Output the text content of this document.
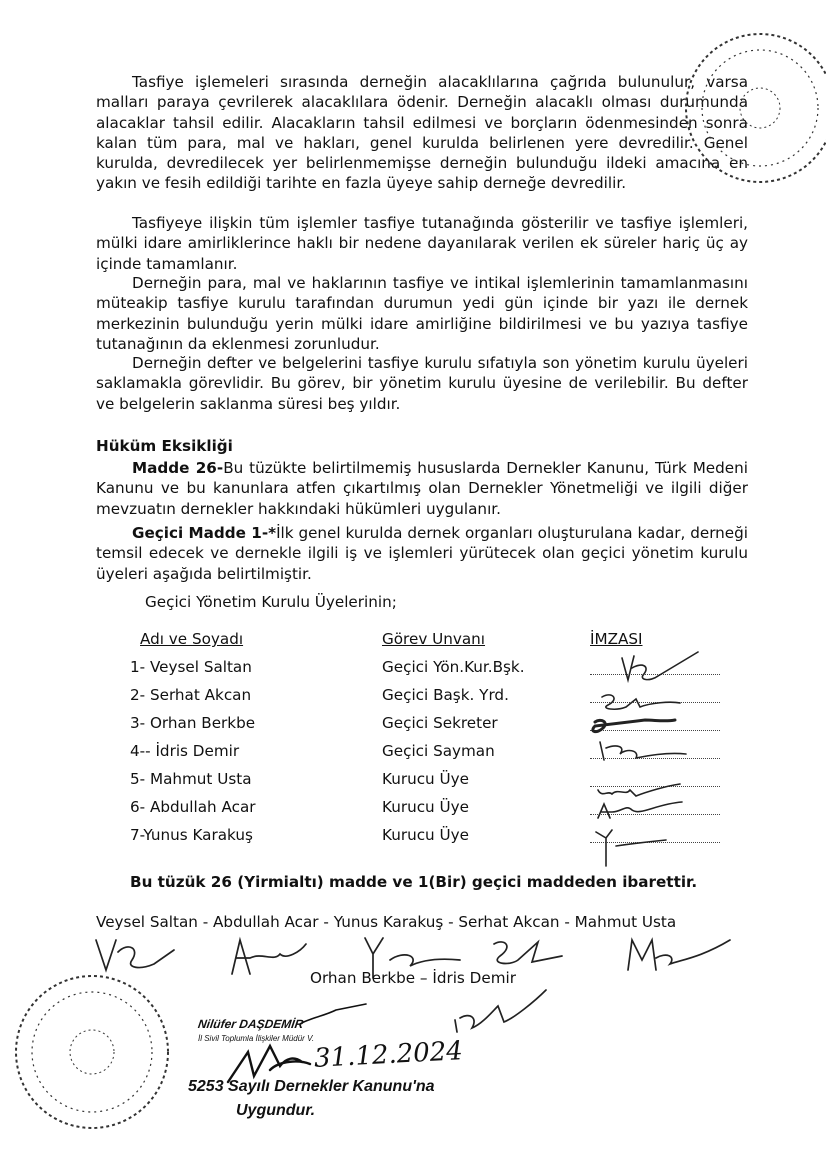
Tasfiye işlemeleri sırasında derneğin alacaklılarına çağrıda bulunulur, varsa malları paraya çevrilerek alacaklılara ödenir. Derneğin alacaklı olması durumunda alacaklar tahsil edilir. Alacakların tahsil edilmesi ve borçların ödenmesinden sonra kalan tüm para, mal ve hakları, genel kurulda belirlenen yere devredilir. Genel kurulda, devredilecek yer belirlenmemişse derneğin bulunduğu ildeki amacına en yakın ve fesih edildiği tarihte en fazla üyeye sahip derneğe devredilir.
Tasfiyeye ilişkin tüm işlemler tasfiye tutanağında gösterilir ve tasfiye işlemleri, mülki idare amirliklerince haklı bir nedene dayanılarak verilen ek süreler hariç üç ay içinde tamamlanır.
Derneğin para, mal ve haklarının tasfiye ve intikal işlemlerinin tamamlanmasını müteakip tasfiye kurulu tarafından durumun yedi gün içinde bir yazı ile dernek merkezinin bulunduğu yerin mülki idare amirliğine bildirilmesi ve bu yazıya tasfiye tutanağının da eklenmesi zorunludur.
Derneğin defter ve belgelerini tasfiye kurulu sıfatıyla son yönetim kurulu üyeleri saklamakla görevlidir. Bu görev, bir yönetim kurulu üyesine de verilebilir. Bu defter ve belgelerin saklanma süresi beş yıldır.
Hüküm Eksikliği
Madde 26-Bu tüzükte belirtilmemiş hususlarda Dernekler Kanunu, Türk Medeni Kanunu ve bu kanunlara atfen çıkartılmış olan Dernekler Yönetmeliği ve ilgili diğer mevzuatın dernekler hakkındaki hükümleri uygulanır.
Geçici Madde 1-*İlk genel kurulda dernek organları oluşturulana kadar, derneği temsil edecek ve dernekle ilgili iş ve işlemleri yürütecek olan geçici yönetim kurulu üyeleri aşağıda belirtilmiştir.
Geçici Yönetim Kurulu Üyelerinin;
Adı ve Soyadı	Görev Unvanı	İMZASI
1- Veysel Saltan	Geçici Yön.Kur.Bşk.
2- Serhat Akcan	Geçici Başk. Yrd.
3- Orhan Berkbe	Geçici Sekreter
4-- İdris Demir	Geçici Sayman
5- Mahmut Usta	Kurucu Üye
6- Abdullah Acar	Kurucu Üye
7-Yunus Karakuş	Kurucu Üye
Bu tüzük 26 (Yirmialtı) madde ve 1(Bir) geçici maddeden ibarettir.
Veysel Saltan - Abdullah Acar - Yunus Karakuş - Serhat Akcan - Mahmut Usta
Orhan Berkbe – İdris Demir
Nilüfer DAŞDEMİR
İl Sivil Toplumla İlişkiler Müdür V. 31.12.2024
5253 Sayılı Dernekler Kanunu'na
Uygundur.
